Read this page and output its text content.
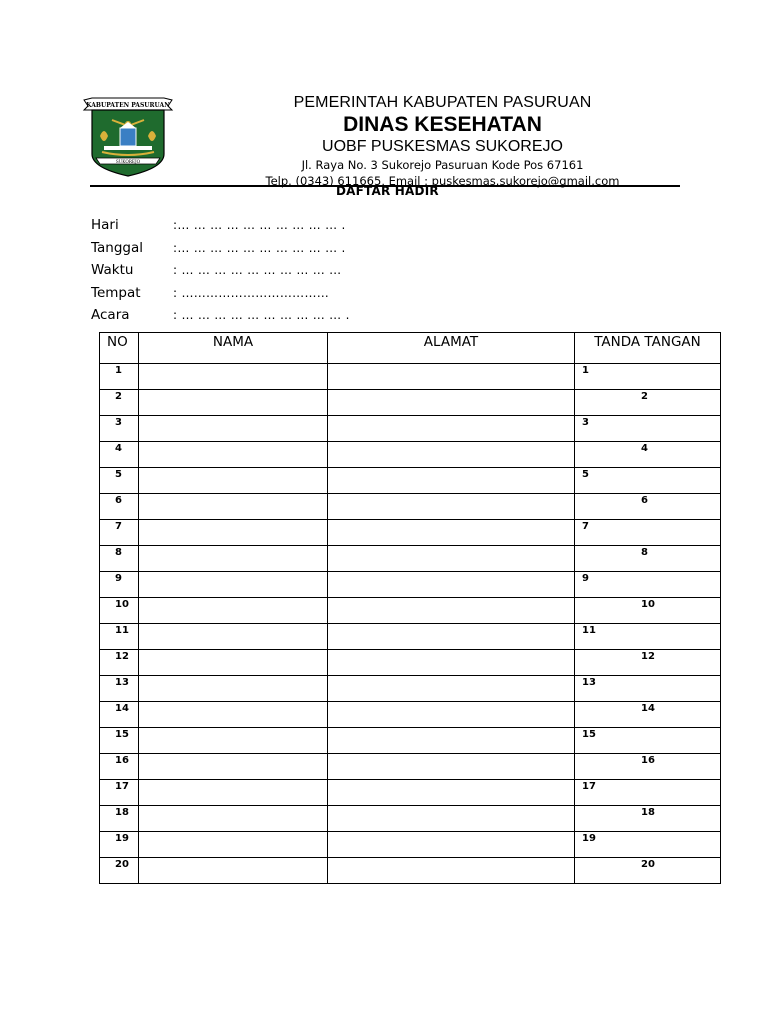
KABUPATEN PASURUAN
SUKOREJO
PEMERINTAH KABUPATEN PASURUAN
DINAS KESEHATAN
UOBF PUSKESMAS SUKOREJO
Jl. Raya No. 3 Sukorejo Pasuruan Kode Pos 67161
Telp. (0343) 611665, Email : puskesmas.sukorejo@gmail.com
DAFTAR HADIR
Hari	:… … … … … … … … … … .
Tanggal :… … … … … … … … … … .
Waktu	: … … … … … … … … … …
Tempat	: ………………………………
Acara	: … … … … … … … … … … .
NO	NAMA	ALAMAT	TANDA TANGAN
1			1

2			2

3			3

4			4

5			5

6			6

7			7

8			8

9			9

10			10

11			11

12			12

13			13

14			14

15			15

16			16

17			17

18			18

19			19

20			20
